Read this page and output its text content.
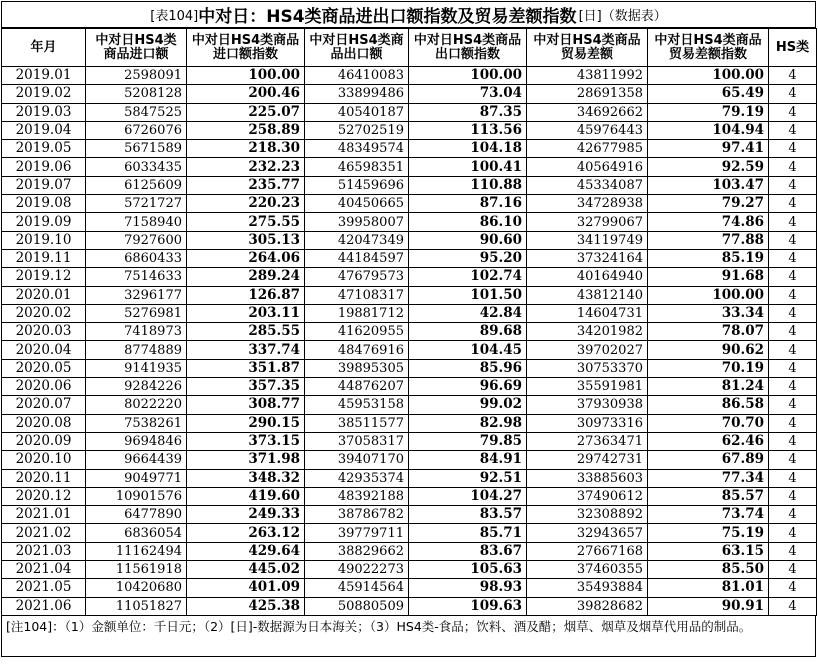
[表104] 中对日：HS4类商品进出口额指数及贸易差额指数 [日]（数据表）
年月	中对日HS4类商品进口额	中对日HS4类商品进口额指数	中对日HS4类商品出口额	中对日HS4类商品出口额指数	中对日HS4类商品贸易差额	中对日HS4类商品贸易差额指数	HS类
2019.01	2598091	100.00	46410083	100.00	43811992	100.00	4
2019.02	5208128	200.46	33899486	73.04	28691358	65.49	4
2019.03	5847525	225.07	40540187	87.35	34692662	79.19	4
2019.04	6726076	258.89	52702519	113.56	45976443	104.94	4
2019.05	5671589	218.30	48349574	104.18	42677985	97.41	4
2019.06	6033435	232.23	46598351	100.41	40564916	92.59	4
2019.07	6125609	235.77	51459696	110.88	45334087	103.47	4
2019.08	5721727	220.23	40450665	87.16	34728938	79.27	4
2019.09	7158940	275.55	39958007	86.10	32799067	74.86	4
2019.10	7927600	305.13	42047349	90.60	34119749	77.88	4
2019.11	6860433	264.06	44184597	95.20	37324164	85.19	4
2019.12	7514633	289.24	47679573	102.74	40164940	91.68	4
2020.01	3296177	126.87	47108317	101.50	43812140	100.00	4
2020.02	5276981	203.11	19881712	42.84	14604731	33.34	4
2020.03	7418973	285.55	41620955	89.68	34201982	78.07	4
2020.04	8774889	337.74	48476916	104.45	39702027	90.62	4
2020.05	9141935	351.87	39895305	85.96	30753370	70.19	4
2020.06	9284226	357.35	44876207	96.69	35591981	81.24	4
2020.07	8022220	308.77	45953158	99.02	37930938	86.58	4
2020.08	7538261	290.15	38511577	82.98	30973316	70.70	4
2020.09	9694846	373.15	37058317	79.85	27363471	62.46	4
2020.10	9664439	371.98	39407170	84.91	29742731	67.89	4
2020.11	9049771	348.32	42935374	92.51	33885603	77.34	4
2020.12	10901576	419.60	48392188	104.27	37490612	85.57	4
2021.01	6477890	249.33	38786782	83.57	32308892	73.74	4
2021.02	6836054	263.12	39779711	85.71	32943657	75.19	4
2021.03	11162494	429.64	38829662	83.67	27667168	63.15	4
2021.04	11561918	445.02	49022273	105.63	37460355	85.50	4
2021.05	10420680	401.09	45914564	98.93	35493884	81.01	4
2021.06	11051827	425.38	50880509	109.63	39828682	90.91	4
[注104]：（1）金额单位：千日元；（2）[日]-数据源为日本海关；（3）HS4类-食品；饮料、酒及醋；烟草、烟草及烟草代用品的制品。
